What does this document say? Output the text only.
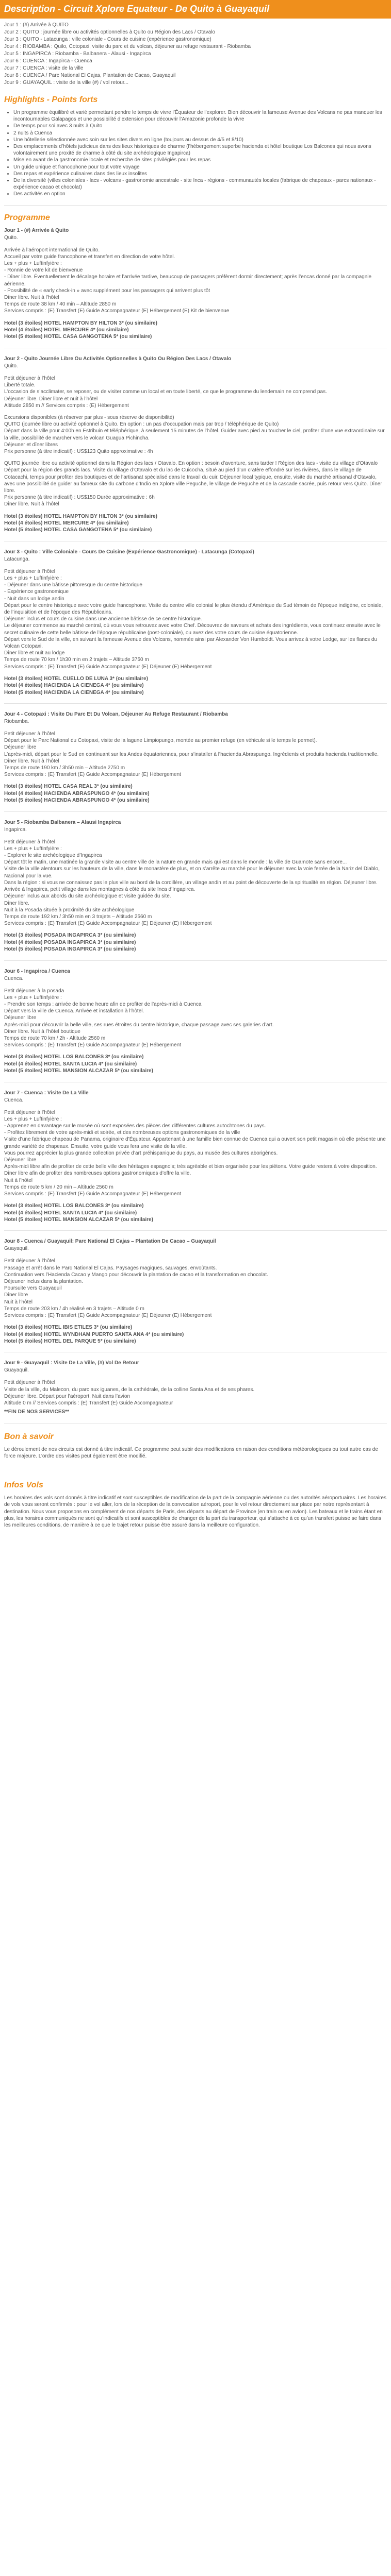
Description - Circuit Xplore Equateur - De Quito à Guayaquil
Jour 1 : (#) Arrivée à QUITO
Jour 2 : QUITO : journée libre ou activités optionnelles à Quito ou Région des Lacs / Otavalo
Jour 3 : QUITO - Latacunga : ville coloniale - Cours de cuisine (expérience gastronomique)
Jour 4 : RIOBAMBA : Quilo, Cotopaxi, visite du parc et du volcan, déjeuner au refuge restaurant - Riobamba
Jour 5 : INGAPIRCA : Riobamba - Balbanera - Alausi - Ingapirca
Jour 6 : CUENCA : Ingapirca - Cuenca
Jour 7 : CUENCA : visite de la ville
Jour 8 : CUENCA / Parc National El Cajas, Plantation de Cacao, Guayaquil
Jour 9 : GUAYAQUIL : visite de la ville (#) / vol retour...
Highlights - Points forts
• Un programme équilibré et varié permettant pendre le temps de vivre l’Équateur de l’explorer. Bien découvrir la fameuse Avenue des Volcans ne pas manquer les incontournables Galapagos et une possibilité d’extension pour découvrir l’Amazonie profonde la vivre
• De temps pour soi avec 3 nuits à Quito
• 2 nuits à Cuenca
• Une hôtellerie sélectionnée avec soin sur les sites divers en ligne (toujours au dessus de 4/5 et 8/10)
• Des emplacements d’hôtels judicieux dans des lieux historiques de charme (l’hébergement superbe hacienda et hôtel boutique Los Balcones qui nous avons volontairement une proxité de charme à côté du site archéologique Ingapirca)
• Mise en avant de la gastronomie locale et recherche de sites privilégiés pour les repas
• Un guide unique et francophone pour tout votre voyage
• Des repas et expérience culinaires dans des lieux insolites
• De la diversité (villes coloniales - lacs - volcans - gastronomie ancestrale - site Inca - régions - communautés locales (fabrique de chapeaux - parcs nationaux - expérience cacao et chocolat)
• Des activités en option
Programme
Jour 1 - (#) Arrivée à Quito
Quito.
Arrivée à l’aéroport international de Quito.
Accueil par votre guide francophone et transfert en direction de votre hôtel.
Les + plus + Luftinfyière :
- Ronnie de votre kit de bienvenue
- Dîner libre. Éventuellement le décalage horaire et l’arrivée tardive, beaucoup de passagers préfèrent dormir directement; après l’encas donné par la compagnie aérienne.
- Possibilité de « early check-in » avec supplément pour les passagers qui arrivent plus tôt
Dîner libre. Nuit à l’hôtel
Temps de route 38 km / 40 min – Altitude 2850 m
Services compris : (E) Transfert (E) Guide Accompagnateur (E) Hébergement (E) Kit de bienvenue
Hotel (3 étoiles) HOTEL HAMPTON BY HILTON 3* (ou similaire)
Hotel (4 étoiles) HOTEL MERCURE 4* (ou similaire)
Hotel (5 étoiles) HOTEL CASA GANGOTENA 5* (ou similaire)
Jour 2 - Quito Journée Libre Ou Activités Optionnelles à Quito Ou Région Des Lacs / Otavalo
Quito.
Petit déjeuner à l’hôtel
Liberté totale.
L’occasion de s’acclimater, se reposer, ou de visiter comme un local et en toute liberté, ce que le programme du lendemain ne comprend pas.
Déjeuner libre. Dîner libre et nuit à l’hôtel
Altitude 2850 m // Services compris : (E) Hébergement
Excursions disponibles (à réserver par plus - sous réserve de disponibilité)
QUITO (journée libre ou activité optionnel à Quito. En option : un pas d’occupation mais par trop / téléphérique de Quito)
Départ dans la ville pour 4:00h en Estribuin et téléphérique, à seulement 15 minutes de l’hôtel. Guider avec pied au toucher le ciel, profiter d’une vue extraordinaire sur la ville, possibilité de marcher vers le volcan Guagua Pichincha.
Déjeuner et dîner libres
Prix personne (à titre indicatif) : US$123 Quito approximative : 4h
QUITO journée libre ou activité optionnel dans la Région des lacs / Otavalo. En option : besoin d’aventure, sans tarder ! Région des lacs - visite du village d’Otavalo Départ pour la région des grands lacs. Visite du village d’Otavalo et du lac de Cuicocha, situé au pied d’un cratère effondré sur les rivières, dans le village de Cotacachi, temps pour profiter des boutiques et de l’artisanat spécialisé dans le travail du cuir. Déjeuner local typique, ensuite, visite du marché artisanal d’Otavalo, avec une possibilité de guider au fameux site du carbone d’Indio en Xplore ville Peguche, le village de Peguche et de la cascade sacrée, puis retour vers Quito. Dîner libre.
Prix personne (à titre indicatif) : US$150 Durée approximative : 6h
Dîner libre. Nuit à l’hôtel
Hotel (3 étoiles) HOTEL HAMPTON BY HILTON 3* (ou similaire)
Hotel (4 étoiles) HOTEL MERCURE 4* (ou similaire)
Hotel (5 étoiles) HOTEL CASA GANGOTENA 5* (ou similaire)
Jour 3 - Quito : Ville Coloniale - Cours De Cuisine (Expérience Gastronomique) - Latacunga (Cotopaxi)
Latacunga.
Petit déjeuner à l’hôtel
Les + plus + Luftinfyière :
- Déjeuner dans une bâtisse pittoresque du centre historique
- Expérience gastronomique
- Nuit dans un lodge andin
Départ pour le centre historique avec votre guide francophone. Visite du centre ville colonial le plus étendu d’Amérique du Sud témoin de l’époque indigène, coloniale, de l’inquisition et de l’époque des Républicains.
Déjeuner inclus et cours de cuisine dans une ancienne bâtisse de ce centre historique.
Le déjeuner commence au marché central, où vous vous retrouvez avec votre Chef. Découvrez de saveurs et achats des ingrédients, vous continuez ensuite avec le secret culinaire de cette belle bâtisse de l’époque républicaine (post-coloniale), ou avez des votre cours de cuisine équatorienne.
Départ vers le Sud de la ville, en suivant la fameuse Avenue des Volcans, nommée ainsi par Alexander Von Humboldt. Vous arrivez à votre Lodge, sur les flancs du Volcan Cotopaxi.
Dîner libre et nuit au lodge
Temps de route 70 km / 1h30 min en 2 trajets – Altitude 3750 m
Services compris : (E) Transfert (E) Guide Accompagnateur (E) Déjeuner (E) Hébergement
Hotel (3 étoiles) HOTEL CUELLO DE LUNA 3* (ou similaire)
Hotel (4 étoiles) HACIENDA LA CIENEGA 4* (ou similaire)
Hotel (5 étoiles) HACIENDA LA CIENEGA 4* (ou similaire)
Jour 4 - Cotopaxi : Visite Du Parc Et Du Volcan, Déjeuner Au Refuge Restaurant / Riobamba
Riobamba.
Petit déjeuner à l’hôtel
Départ pour le Parc National du Cotopaxi, visite de la lagune Limpiopungo, montée au premier refuge (en véhicule si le temps le permet).
Déjeuner libre
L’après-midi, départ pour le Sud en continuant sur les Andes équatoriennes, pour s’installer à l’hacienda Abraspungo. Ingrédients et produits hacienda traditionnelle.
Dîner libre. Nuit à l’hôtel
Temps de route 190 km / 3h50 min – Altitude 2750 m
Services compris : (E) Transfert (E) Guide Accompagnateur (E) Hébergement
Hotel (3 étoiles) HOTEL CASA REAL 3* (ou similaire)
Hotel (4 étoiles) HACIENDA ABRASPUNGO 4* (ou similaire)
Hotel (5 étoiles) HACIENDA ABRASPUNGO 4* (ou similaire)
Jour 5 - Riobamba Balbanera – Alausi Ingapirca
Ingapirca.
Petit déjeuner à l’hôtel
Les + plus + Luftinfyière :
- Explorer le site archéologique d’Ingapirca
Départ tôt le matin, une matinée la grande visite au centre ville de la nature en grande mais qui est dans le monde : la ville de Guamote sans encore...
Visite de la ville alentours sur les hauteurs de la ville, dans le monastère de plus, et on s’arrête au marché pour le déjeuner avec la voie ferrée de la Nariz del Diablo, Nacional pour la vue.
Dans la région : si vous ne connaissez pas le plus ville au bord de la cordillère, un village andin et au point de découverte de la spiritualité en région. Déjeuner libre.
Arrivée à Ingapirca, petit village dans les montagnes à côté du site Inca d’Ingapirca.
Déjeuner inclus aux abords du site archéologique et visite guidée du site.
Dîner libre.
Nuit à la Posada située à proximité du site archéologique
Temps de route 192 km / 3h50 min en 3 trajets – Altitude 2560 m
Services compris : (E) Transfert (E) Guide Accompagnateur (E) Déjeuner (E) Hébergement
Hotel (3 étoiles) POSADA INGAPIRCA 3* (ou similaire)
Hotel (4 étoiles) POSADA INGAPIRCA 3* (ou similaire)
Hotel (5 étoiles) POSADA INGAPIRCA 3* (ou similaire)
Jour 6 - Ingapirca / Cuenca
Cuenca.
Petit déjeuner à la posada
Les + plus + Luftinfyière :
- Prendre son temps : arrivée de bonne heure afin de profiter de l’après-midi à Cuenca
Départ vers la ville de Cuenca. Arrivée et installation à l’hôtel.
Déjeuner libre
Après-midi pour découvrir la belle ville, ses rues étroites du centre historique, chaque passage avec ses galeries d’art.
Dîner libre. Nuit à l’hôtel boutique
Temps de route 70 km / 2h - Altitude 2560 m
Services compris : (E) Transfert (E) Guide Accompagnateur (E) Hébergement
Hotel (3 étoiles) HOTEL LOS BALCONES 3* (ou similaire)
Hotel (4 étoiles) HOTEL SANTA LUCIA 4* (ou similaire)
Hotel (5 étoiles) HOTEL MANSION ALCAZAR 5* (ou similaire)
Jour 7 - Cuenca : Visite De La Ville
Cuenca.
Petit déjeuner à l’hôtel
Les + plus + Luftinfyière :
- Apprenez en davantage sur le musée où sont exposées des pièces des différentes cultures autochtones du pays.
- Profitez librement de votre après-midi et soirée, et des nombreuses options gastronomiques de la ville
Visite d’une fabrique chapeau de Panama, originaire d’Équateur. Appartenant à une famille bien connue de Cuenca qui a ouvert son petit magasin où elle présente une grande variété de chapeaux. Ensuite, votre guide vous fera une visite de la ville.
Vous pourrez apprécier la plus grande collection privée d’art préhispanique du pays, au musée des cultures aborigènes.
Déjeuner libre
Après-midi libre afin de profiter de cette belle ville des héritages espagnols; très agréable et bien organisée pour les piétons. Votre guide restera à votre disposition.
Dîner libre afin de profiter des nombreuses options gastronomiques d’offre la ville.
Nuit à l’hôtel
Temps de route 5 km / 20 min – Altitude 2560 m
Services compris : (E) Transfert (E) Guide Accompagnateur (E) Hébergement
Hotel (3 étoiles) HOTEL LOS BALCONES 3* (ou similaire)
Hotel (4 étoiles) HOTEL SANTA LUCIA 4* (ou similaire)
Hotel (5 étoiles) HOTEL MANSION ALCAZAR 5* (ou similaire)
Jour 8 - Cuenca / Guayaquil: Parc National El Cajas – Plantation De Cacao – Guayaquil
Guayaquil.
Petit déjeuner à l’hôtel
Passage et arrêt dans le Parc National El Cajas. Paysages magiques, sauvages, envoûtants.
Continuation vers l’Hacienda Cacao y Mango pour découvrir la plantation de cacao et la transformation en chocolat.
Déjeuner inclus dans la plantation.
Poursuite vers Guayaquil
Dîner libre
Nuit à l’hôtel
Temps de route 203 km / 4h réalisé en 3 trajets – Altitude 0 m
Services compris : (E) Transfert (E) Guide Accompagnateur (E) Déjeuner (E) Hébergement
Hotel (3 étoiles) HOTEL IBIS ETILES 3* (ou similaire)
Hotel (4 étoiles) HOTEL WYNDHAM PUERTO SANTA ANA 4* (ou similaire)
Hotel (5 étoiles) HOTEL DEL PARQUE 5* (ou similaire)
Jour 9 - Guayaquil : Visite De La Ville, (#) Vol De Retour
Guayaquil.
Petit déjeuner à l’hôtel
Visite de la ville, du Malecon, du parc aux iguanes, de la cathédrale, de la colline Santa Ana et de ses phares.
Déjeuner libre. Départ pour l’aéroport. Nuit dans l’avion
Altitude 0 m // Services compris : (E) Transfert (E) Guide Accompagnateur
**FIN DE NOS SERVICES**
Bon à savoir
Le déroulement de nos circuits est donné à titre indicatif. Ce programme peut subir des modifications en raison des conditions météorologiques ou tout autre cas de force majeure. L’ordre des visites peut également être modifié.
Infos Vols
Les horaires des vols sont donnés à titre indicatif et sont susceptibles de modification de la part de la compagnie aérienne ou des autorités aéroportuaires. Les horaires de vols vous seront confirmés : pour le vol aller, lors de la réception de la convocation aéroport, pour le vol retour directement sur place par notre représentant à destination. Nous vous proposons en complément de nos départs de Paris, des départs au départ de Province (en train ou en avion). Les bateaux et le trains étant en plus, les horaires communiqués ne sont qu’indicatifs et sont susceptibles de changer de la part du transporteur, qui s’attache à ce qu’un transfert puisse se faire dans les meilleures conditions, de manière à ce que le trajet retour puisse être assuré dans la meilleure configuration.
